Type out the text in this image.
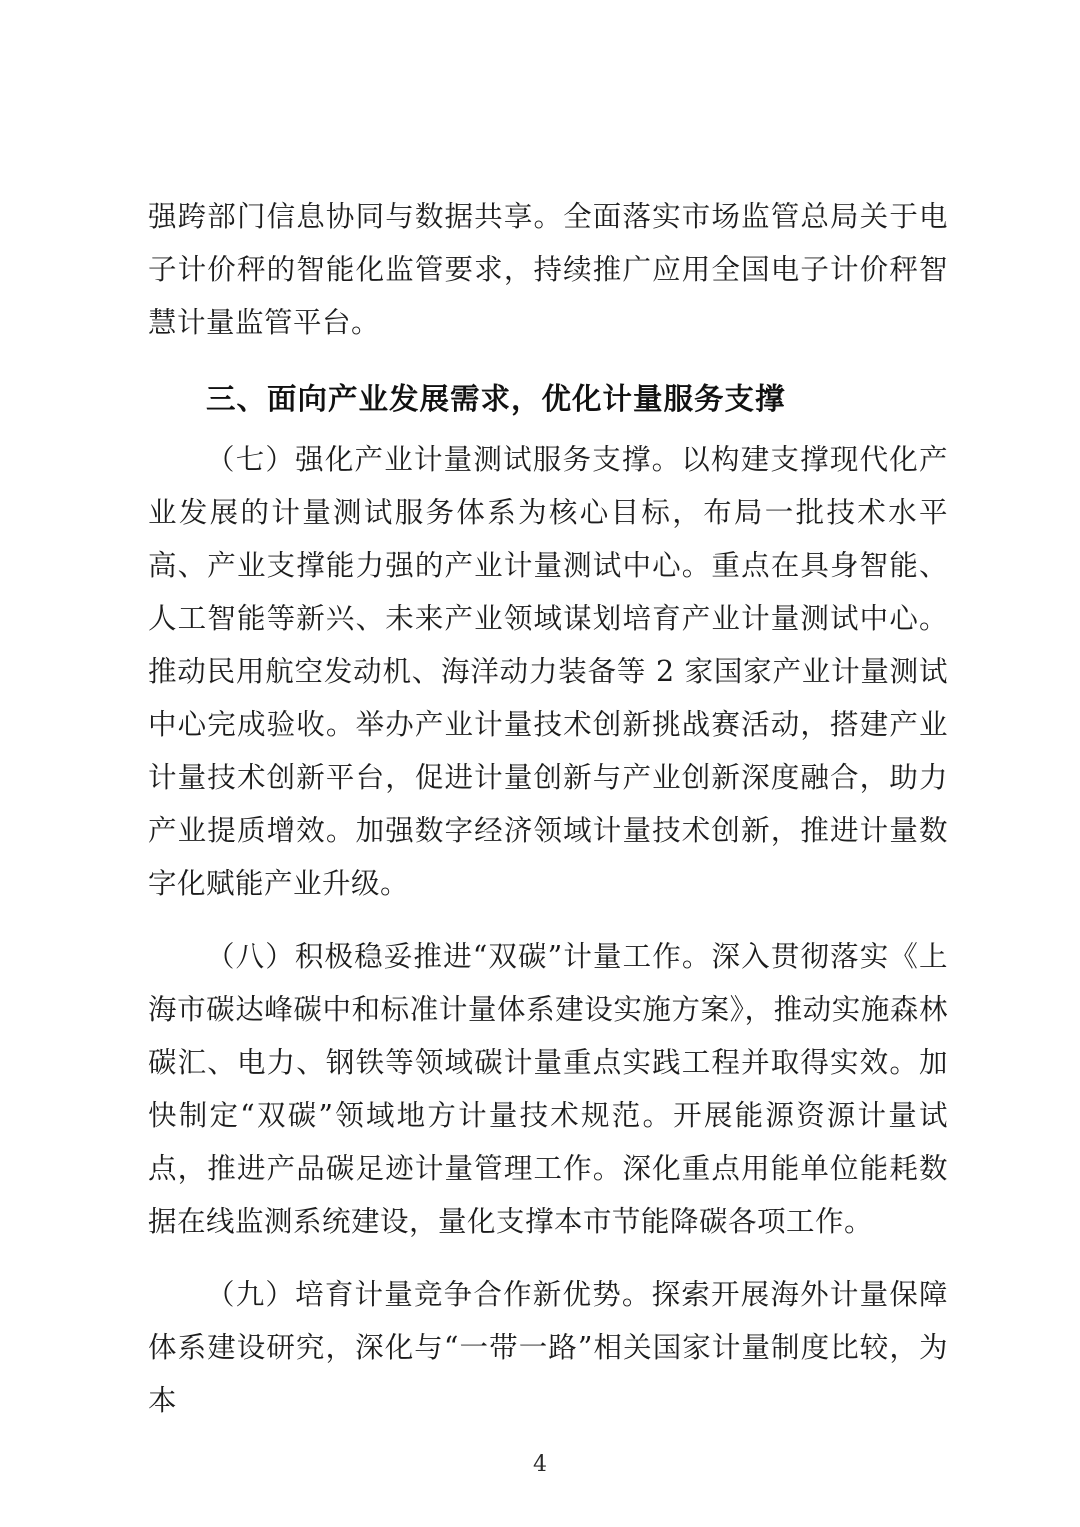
强跨部门信息协同与数据共享。全面落实市场监管总局关于电子计价秤的智能化监管要求，持续推广应用全国电子计价秤智慧计量监管平台。

三、面向产业发展需求，优化计量服务支撑

（七）强化产业计量测试服务支撑。以构建支撑现代化产业发展的计量测试服务体系为核心目标，布局一批技术水平高、产业支撑能力强的产业计量测试中心。重点在具身智能、人工智能等新兴、未来产业领域谋划培育产业计量测试中心。推动民用航空发动机、海洋动力装备等 2 家国家产业计量测试中心完成验收。举办产业计量技术创新挑战赛活动，搭建产业计量技术创新平台，促进计量创新与产业创新深度融合，助力产业提质增效。加强数字经济领域计量技术创新，推进计量数字化赋能产业升级。

（八）积极稳妥推进“双碳”计量工作。深入贯彻落实《上海市碳达峰碳中和标准计量体系建设实施方案》，推动实施森林碳汇、电力、钢铁等领域碳计量重点实践工程并取得实效。加快制定“双碳”领域地方计量技术规范。开展能源资源计量试点，推进产品碳足迹计量管理工作。深化重点用能单位能耗数据在线监测系统建设，量化支撑本市节能降碳各项工作。

（九）培育计量竞争合作新优势。探索开展海外计量保障体系建设研究，深化与“一带一路”相关国家计量制度比较，为本

4
